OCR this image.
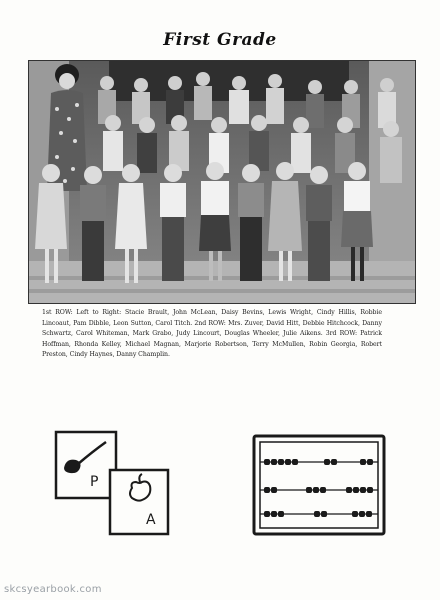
First Grade
1st ROW: Left to Right: Stacie Brault, John McLean, Daisy Bevins, Lewis Wright, Cindy Hillis, Robbie Lincoaut, Pam Dibble, Leon Sutton, Carol Titch. 2nd ROW: Mrs. Zuver, David Hitt, Debbie Hitchcock, Danny Schwartz, Carol Whiteman, Mark Grabo, Judy Lincourt, Douglas Wheeler, Julie Aikens. 3rd ROW: Patrick Hoffman, Rhonda Kelley, Michael Magnan, Marjorie Robertson, Terry McMullen, Robin Georgia, Robert Preston, Cindy Haynes, Danny Champlin.
P
A
skcsyearbook.com
